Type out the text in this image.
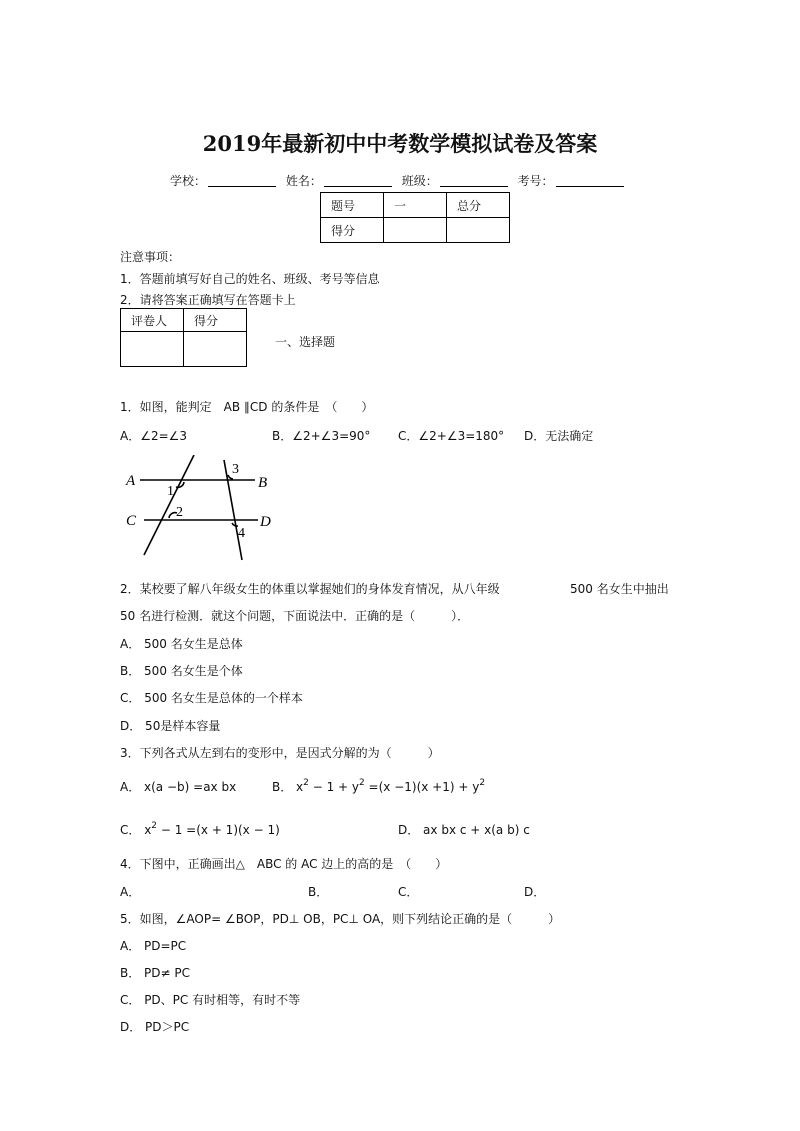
2019年最新初中中考数学模拟试卷及答案
学校：	姓名：	班级：	考号：
题号	一	总分
得分		
注意事项：
1．答题前填写好自己的姓名、班级、考号等信息
2．请将答案正确填写在答题卡上
评卷人	得分

一、选择题
1．如图，能判定　AB ∥CD 的条件是　（　　）
A．∠2=∠3	B．∠2+∠3=90° C．∠2+∠3=180° D．无法确定
A	B
C	D
1
2
3
4
2．某校要了解八年级女生的体重以掌握她们的身体发育情况，从八年级	500 名女生中抽出
50 名进行检测．就这个问题，下面说法中．正确的是（　　　）．
A． 500 名女生是总体
B． 500 名女生是个体
C． 500 名女生是总体的一个样本
D． 50是样本容量
3．下列各式从左到右的变形中，是因式分解的为（　　　）
A． x(a −b) =ax bx	B． $x^2 - 1 + y^2 =(x -1)(x +1) + y^2$
C． $x^2 - 1 =(x + 1)(x - 1)$	D． ax bx c + x(a b) c
4．下图中，正确画出△　ABC 的 AC 边上的高的是　（　　）
A．	B．	C．	D．
5．如图，∠AOP= ∠BOP，PD⊥ OB，PC⊥ OA，则下列结论正确的是（　　　）
A． PD=PC
B． PD≠ PC
C． PD、PC 有时相等，有时不等
D． PD＞PC
